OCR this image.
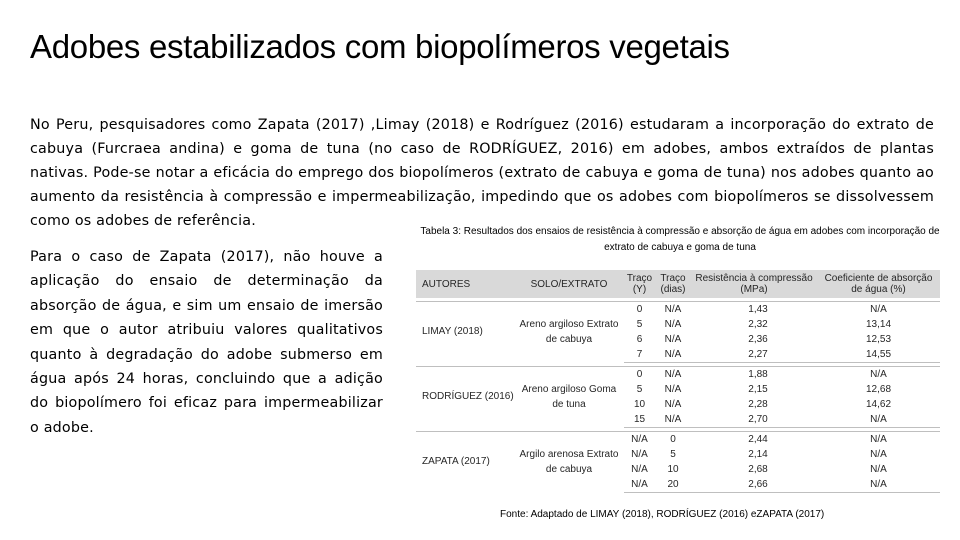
Adobes estabilizados com biopolímeros vegetais

No Peru, pesquisadores como Zapata (2017) ,Limay (2018) e Rodríguez (2016) estudaram a incorporação do extrato de cabuya (Furcraea andina) e goma de tuna (no caso de RODRÍGUEZ, 2016) em adobes, ambos extraídos de plantas nativas. Pode-se notar a eficácia do emprego dos biopolímeros (extrato de cabuya e goma de tuna) nos adobes quanto ao aumento da resistência à compressão e impermeabilização, impedindo que os adobes com biopolímeros se dissolvessem como os adobes de referência.

Para o caso de Zapata (2017), não houve a aplicação do ensaio de determinação da absorção de água, e sim um ensaio de imersão em que o autor atribuiu valores qualitativos quanto à degradação do adobe submerso em água após 24 horas, concluindo que a adição do biopolímero foi eficaz para impermeabilizar o adobe.

Tabela 3: Resultados dos ensaios de resistência à compressão e absorção de água em adobes com incorporação de extrato de cabuya e goma de tuna

AUTORES	SOLO/EXTRATO	Traço (Y)	Traço (dias)	Resistência à compressão (MPa)	Coeficiente de absorção de água (%)

LIMAY (2018)	Areno argiloso Extrato de cabuya	0	N/A	1,43	N/A
		5	N/A	2,32	13,14
		6	N/A	2,36	12,53
		7	N/A	2,27	14,55

RODRÍGUEZ (2016)	Areno argiloso Goma de tuna	0	N/A	1,88	N/A
		5	N/A	2,15	12,68
		10	N/A	2,28	14,62
		15	N/A	2,70	N/A

ZAPATA (2017)	Argilo arenosa Extrato de cabuya	N/A	0	2,44	N/A
		N/A	5	2,14	N/A
		N/A	10	2,68	N/A
		N/A	20	2,66	N/A

Fonte: Adaptado de LIMAY (2018), RODRÍGUEZ (2016) eZAPATA (2017)
